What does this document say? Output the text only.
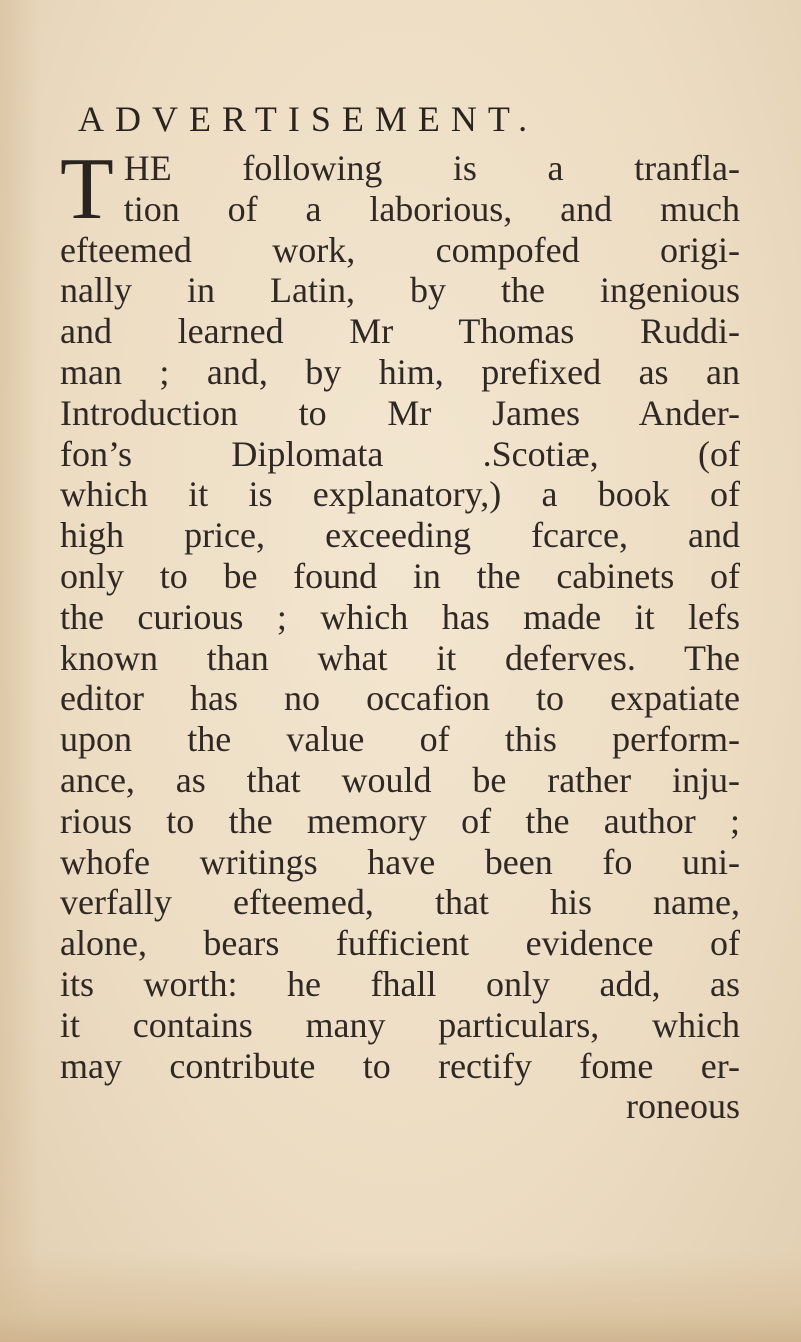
ADVERTISEMENT.
T HE following is a tranfla-
tion of a laborious, and much
efteemed work, compofed origi-
nally in Latin, by the ingenious
and learned Mr Thomas Ruddi-
man ; and, by him, prefixed as an
Introduction to Mr James Ander-
fon’s Diplomata .Scotiæ, (of
which it is explanatory,) a book of
high price, exceeding fcarce, and
only to be found in the cabinets of
the curious ; which has made it lefs
known than what it deferves. The
editor has no occafion to expatiate
upon the value of this perform-
ance, as that would be rather inju-
rious to the memory of the author ;
whofe writings have been fo uni-
verfally efteemed, that his name,
alone, bears fufficient evidence of
its worth: he fhall only add, as
it contains many particulars, which
may contribute to rectify fome er-
roneous
